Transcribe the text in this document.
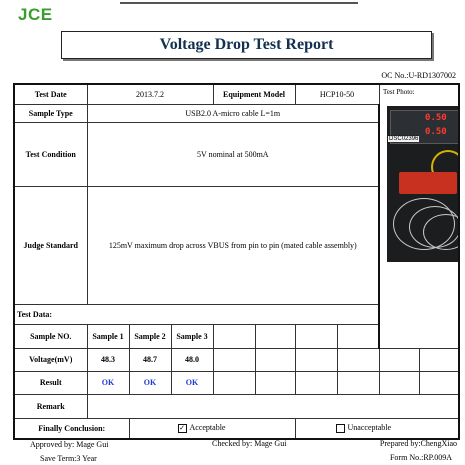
JCE
Voltage Drop Test Report
OC No.:U-RD1307002
Test Date	2013.7.2			Equipment Model		HCP10-50		Test Photo:
0.50
0.50
DSC02396	

Sample Type	USB2.0 A-micro cable L=1m								
Test Condition	5V nominal at 500mA								
Judge Standard	125mV maximum drop across VBUS from pin to pin (mated cable assembly)								
Test Data:									
Sample NO.	Sample 1	Sample 2	Sample 3						
Voltage(mV)	48.3	48.7	48.0						
Result	OK	OK	OK						
Remark									
Finally Conclusion:		✓ Acceptable				Unacceptable			
Approved by: Mage Gui	Checked by: Mage Gui	Prepared by:ChengXiao
Save Term:3 Year	Form No.:RP.009A
